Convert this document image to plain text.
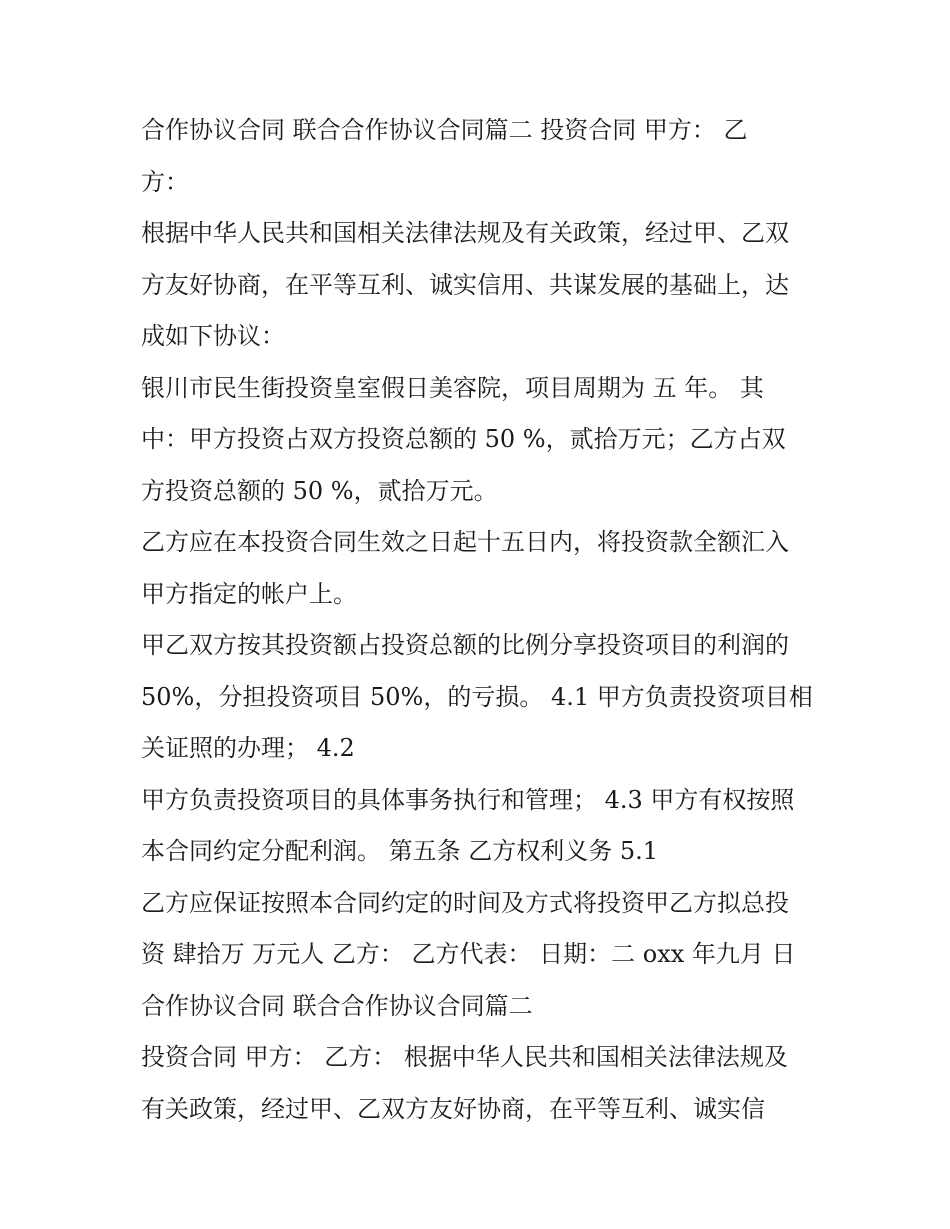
合作协议合同 联合合作协议合同篇二 投资合同 甲方： 乙
方：
根据中华人民共和国相关法律法规及有关政策，经过甲、乙双
方友好协商，在平等互利、诚实信用、共谋发展的基础上，达
成如下协议：
银川市民生街投资皇室假日美容院，项目周期为 五 年。 其
中：甲方投资占双方投资总额的 50 %，贰拾万元；乙方占双
方投资总额的 50 %，贰拾万元。
乙方应在本投资合同生效之日起十五日内，将投资款全额汇入
甲方指定的帐户上。
甲乙双方按其投资额占投资总额的比例分享投资项目的利润的
50%，分担投资项目 50%，的亏损。 4.1 甲方负责投资项目相
关证照的办理； 4.2
甲方负责投资项目的具体事务执行和管理； 4.3 甲方有权按照
本合同约定分配利润。 第五条 乙方权利义务 5.1
乙方应保证按照本合同约定的时间及方式将投资甲乙方拟总投
资 肆拾万 万元人 乙方： 乙方代表： 日期：二 oxx 年九月 日
合作协议合同 联合合作协议合同篇二
投资合同 甲方： 乙方： 根据中华人民共和国相关法律法规及
有关政策，经过甲、乙双方友好协商，在平等互利、诚实信
